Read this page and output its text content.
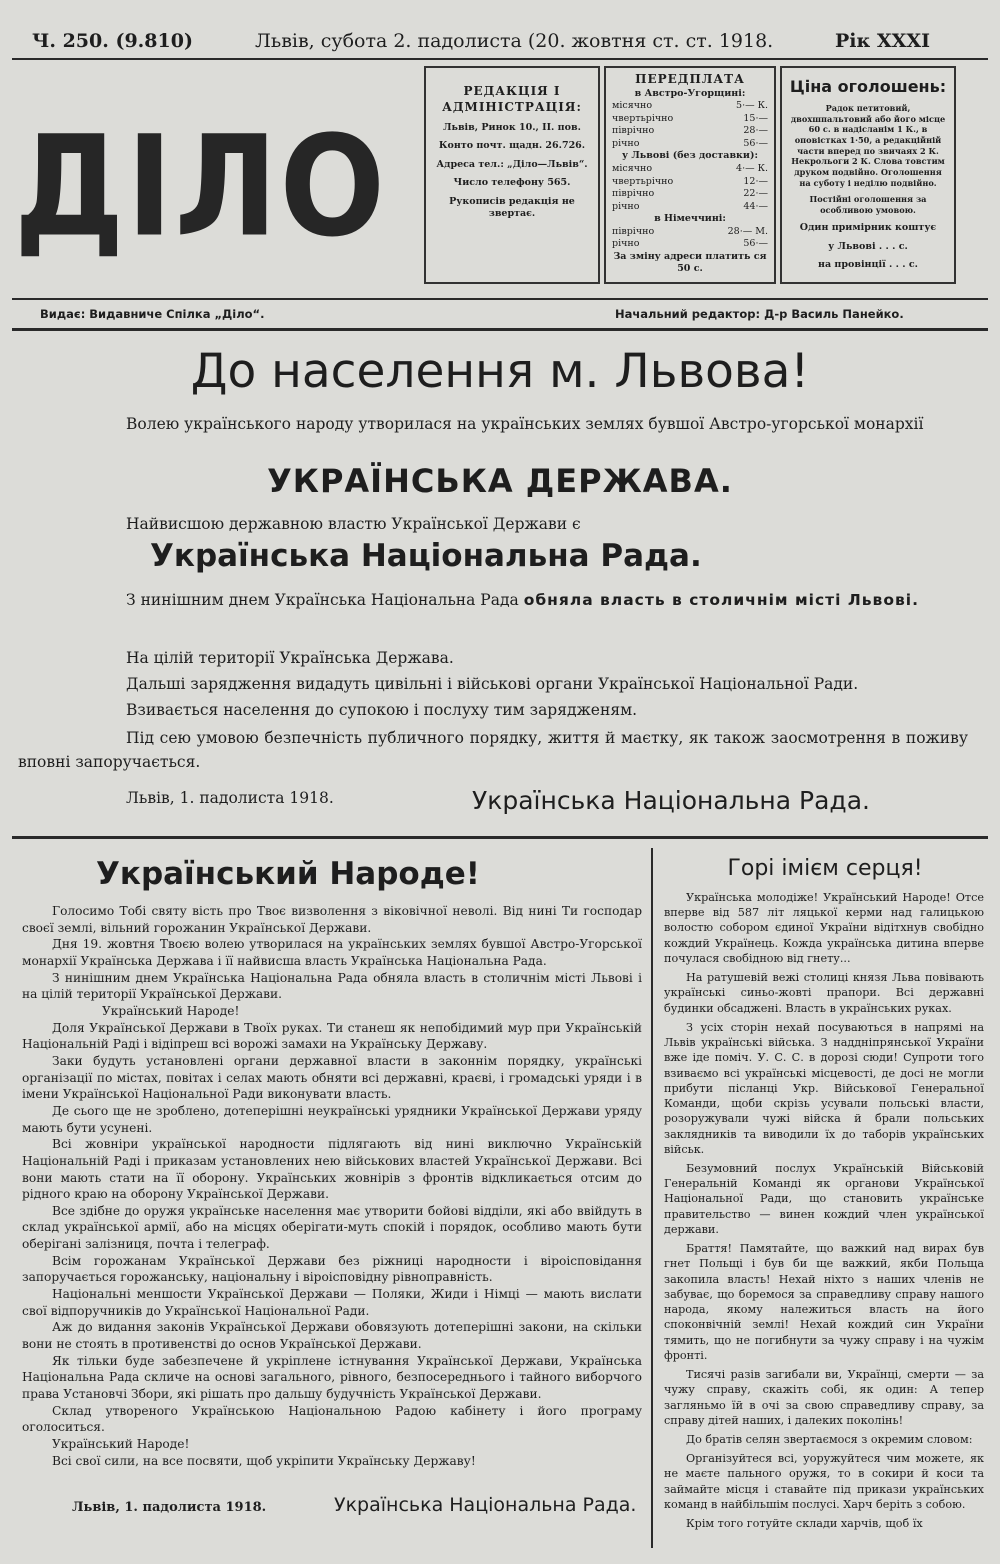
Ч. 250. (9.810)	Львів, субота 2. падолиста (20. жовтня ст. ст. 1918.	Рік XXXI
ДІЛО

РЕДАКЦІЯ І АДМІНІСТРАЦІЯ:

Львів, Ринок 10., II. пов.

Конто почт. щадн. 26.726.

Адреса тел.: „Діло—Львів“.

Число телефону 565.

Рукописів редакція не звертає.

ПЕРЕДПЛАТА
в Австро-Угорщині:
місячно	5·— К.
чвертьрічно	15·—
піврічно	28·—
річно	56·—
у Львові (без доставки):
місячно	4·— К.
чвертьрічно	12·—
піврічно	22·—
річно	44·—
в Німеччині:
піврічно	28·— М.
річно	56·—
За зміну адреси платить ся 50 с.
Ціна оголошень:

Радок петитовий, двохшпальтовий або його місце 60 с. в надісланім 1 К., в оповістках 1·50, а редакційній части вперед по звичаях 2 К. Некрольоги 2 К. Слова товстим друком подвійно. Оголошення на суботу і неділю подвійно.

Постійні оголошення за особливою умовою.

Один примірник коштує

у Львові . . . с.

на провінції . . . с.

Видає: Видавниче Спілка „Діло“.	Начальний редактор: Д-р Василь Панейко.
До населення м. Львова!
Волею українського народу утворилася на українських землях бувшої Австро-угорської монархії
УКРАЇНСЬКА ДЕРЖАВА.
Найвисшою державною властю Української Держави є
Українська Національна Рада.
З нинішним днем Українська Національна Рада обняла власть в столичнім місті Львові.
На цілій території Українська Держава.
Дальші зарядження видадуть цивільні і військові органи Української Національної Ради.
Взивається населення до супокою і послуху тим зарядженям.
Під сею умовою безпечність публичного порядку, життя й маєтку, як також заосмотрення в поживу вповні запоручається.
Львів, 1. падолиста 1918.	Українська Національна Рада.
Український Народе!

Голосимо Тобі святу вість про Твоє визволення з віковічної неволі. Від нині Ти господар своєї землі, вільний горожанин Української Держави.

Дня 19. жовтня Твоєю волею утворилася на українських землях бувшої Австро-Угорської монархії Українська Держава і її найвисша власть Українська Національна Рада.

З нинішним днем Українська Національна Рада обняла власть в столичнім місті Львові і на цілій території Української Держави.

Український Народе!

Доля Української Держави в Твоїх руках. Ти станеш як непобідимий мур при Українській Національній Раді і відіпреш всі ворожі замахи на Українську Державу.

Заки будуть установлені органи державної власти в законнім порядку, українські організації по містах, повітах і селах мають обняти всі державні, краєві, і громадські уряди і в імени Української Національної Ради виконувати власть.

Де сього ще не зроблено, дотеперішні неукраїнські урядники Української Держави уряду мають бути усунені.

Всі жовніри української народности підлягають від нині виключно Українській Національній Раді і приказам установлених нею військових властей Української Держави. Всі вони мають стати на її оборону. Українських жовнірів з фронтів відкликається отсим до рідного краю на оборону Української Держави.

Все здібне до оружя українське населення має утворити бойові відділи, які або ввійдуть в склад української армії, або на місцях оберігати-муть спокій і порядок, особливо мають бути оберігані залізниця, почта і телеграф.

Всім горожанам Української Держави без ріжниці народности і віроісповідання запоручається горожанську, національну і віроісповідну рівноправність.

Національні меншости Української Держави — Поляки, Жиди і Німці — мають вислати свої відпоручників до Української Національної Ради.

Аж до видання законів Української Держави обовязують дотеперішні закони, на скільки вони не стоять в противенстві до основ Української Держави.

Як тільки буде забезпечене й укріплене істнування Української Держави, Українська Національна Рада скличе на основі загального, рівного, безпосереднього і тайного виборчого права Установчі Збори, які рішать про дальшу будучність Української Держави.

Склад утвореного Українською Національною Радою кабінету і його програму оголоситься.

Український Народе!

Всі свої сили, на все посвяти, щоб укріпити Українську Державу!

Львів, 1. падолиста 1918.	Українська Національна Рада.
Горі імієм серця!

Українська молодіже! Український Народе! Отсе вперве від 587 літ ляцької керми над галицькою волостю собором єдиної України відітхнув свобідно кождий Українець. Кожда українська дитина вперве почулася свобідною від гнету...

На ратушевій вежі столиці князя Льва повівають українські синьо-жовті прапори. Всі державні будинки обсаджені. Власть в українських руках.

З усіх сторін нехай посуваються в напрямі на Львів українські війська. З наддніпрянської України вже іде поміч. У. С. С. в дорозі сюди! Супроти того взиваємо всі українські місцевості, де досі не могли прибути післанці Укр. Військової Генеральної Команди, щоби скрізь усували польські власти, розоружували чужі війска й брали польських заклядників та виводили їх до таборів українських військ.

Безумовний послух Українській Військовій Генеральній Команді як органови Української Національної Ради, що становить українське правительство — винен кождий член української держави.

Браття! Памятайте, що важкий над вирах був гнет Польщі і був би ще важкий, якби Польща закопила власть! Нехай ніхто з наших членів не забуває, що боремося за справедливу справу нашого народа, якому належиться власть на його споконвічній землі! Нехай кождий син України тямить, що не погибнути за чужу справу і на чужім фронті.

Тисячі разів загибали ви, Українці, смерти — за чужу справу, скажіть собі, як один: А тепер загляньмо їй в очі за свою справедливу справу, за справу дітей наших, і далеких поколінь!

До братів селян звертаємося з окремим словом:

Організуйтеся всі, уоружуйтеся чим можете, як не маєте пального оружя, то в сокири й коси та займайте місця і ставайте під прикази українських команд в найбільшім послусі. Харч беріть з собою.

Крім того готуйте склади харчів, щоб їх
